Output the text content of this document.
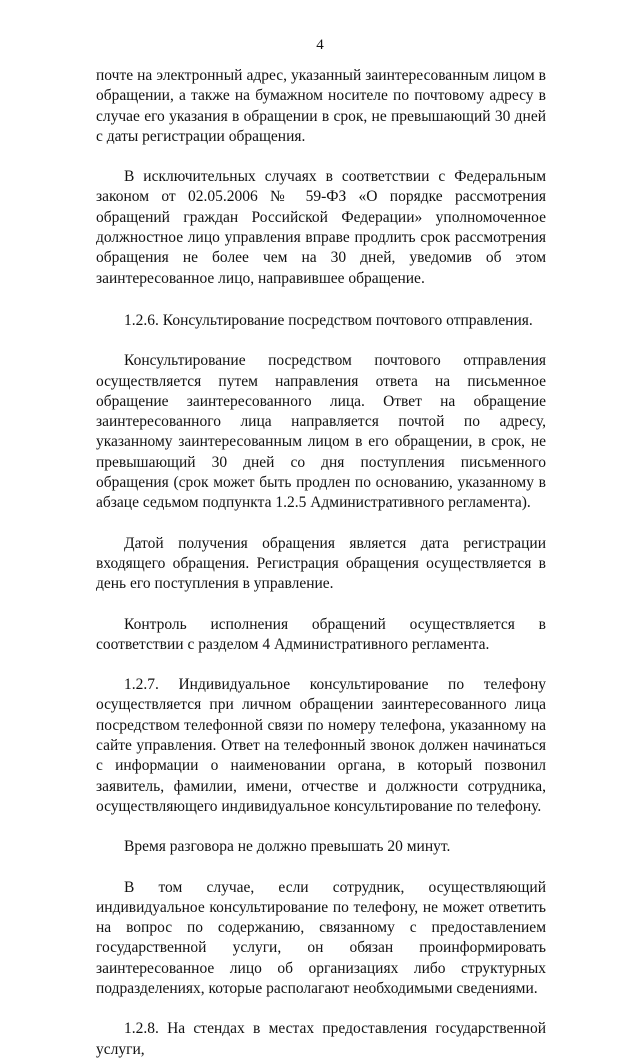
4

почте на электронный адрес, указанный заинтересованным лицом в обращении, а также на бумажном носителе по почтовому адресу в случае его указания в обращении в срок, не превышающий 30 дней с даты регистрации обращения.

В исключительных случаях в соответствии с Федеральным законом от 02.05.2006 № 59-ФЗ «О порядке рассмотрения обращений граждан Российской Федерации» уполномоченное должностное лицо управления вправе продлить срок рассмотрения обращения не более чем на 30 дней, уведомив об этом заинтересованное лицо, направившее обращение.

1.2.6. Консультирование посредством почтового отправления.

Консультирование посредством почтового отправления осуществляется путем направления ответа на письменное обращение заинтересованного лица. Ответ на обращение заинтересованного лица направляется почтой по адресу, указанному заинтересованным лицом в его обращении, в срок, не превышающий 30 дней со дня поступления письменного обращения (срок может быть продлен по основанию, указанному в абзаце седьмом подпункта 1.2.5 Административного регламента).

Датой получения обращения является дата регистрации входящего обращения. Регистрация обращения осуществляется в день его поступления в управление.

Контроль исполнения обращений осуществляется в соответствии с разделом 4 Административного регламента.

1.2.7. Индивидуальное консультирование по телефону осуществляется при личном обращении заинтересованного лица посредством телефонной связи по номеру телефона, указанному на сайте управления. Ответ на телефонный звонок должен начинаться с информации о наименовании органа, в который позвонил заявитель, фамилии, имени, отчестве и должности сотрудника, осуществляющего индивидуальное консультирование по телефону.

Время разговора не должно превышать 20 минут.

В том случае, если сотрудник, осуществляющий индивидуальное консультирование по телефону, не может ответить на вопрос по содержанию, связанному с предоставлением государственной услуги, он обязан проинформировать заинтересованное лицо об организациях либо структурных подразделениях, которые располагают необходимыми сведениями.

1.2.8. На стендах в местах предоставления государственной услуги,
